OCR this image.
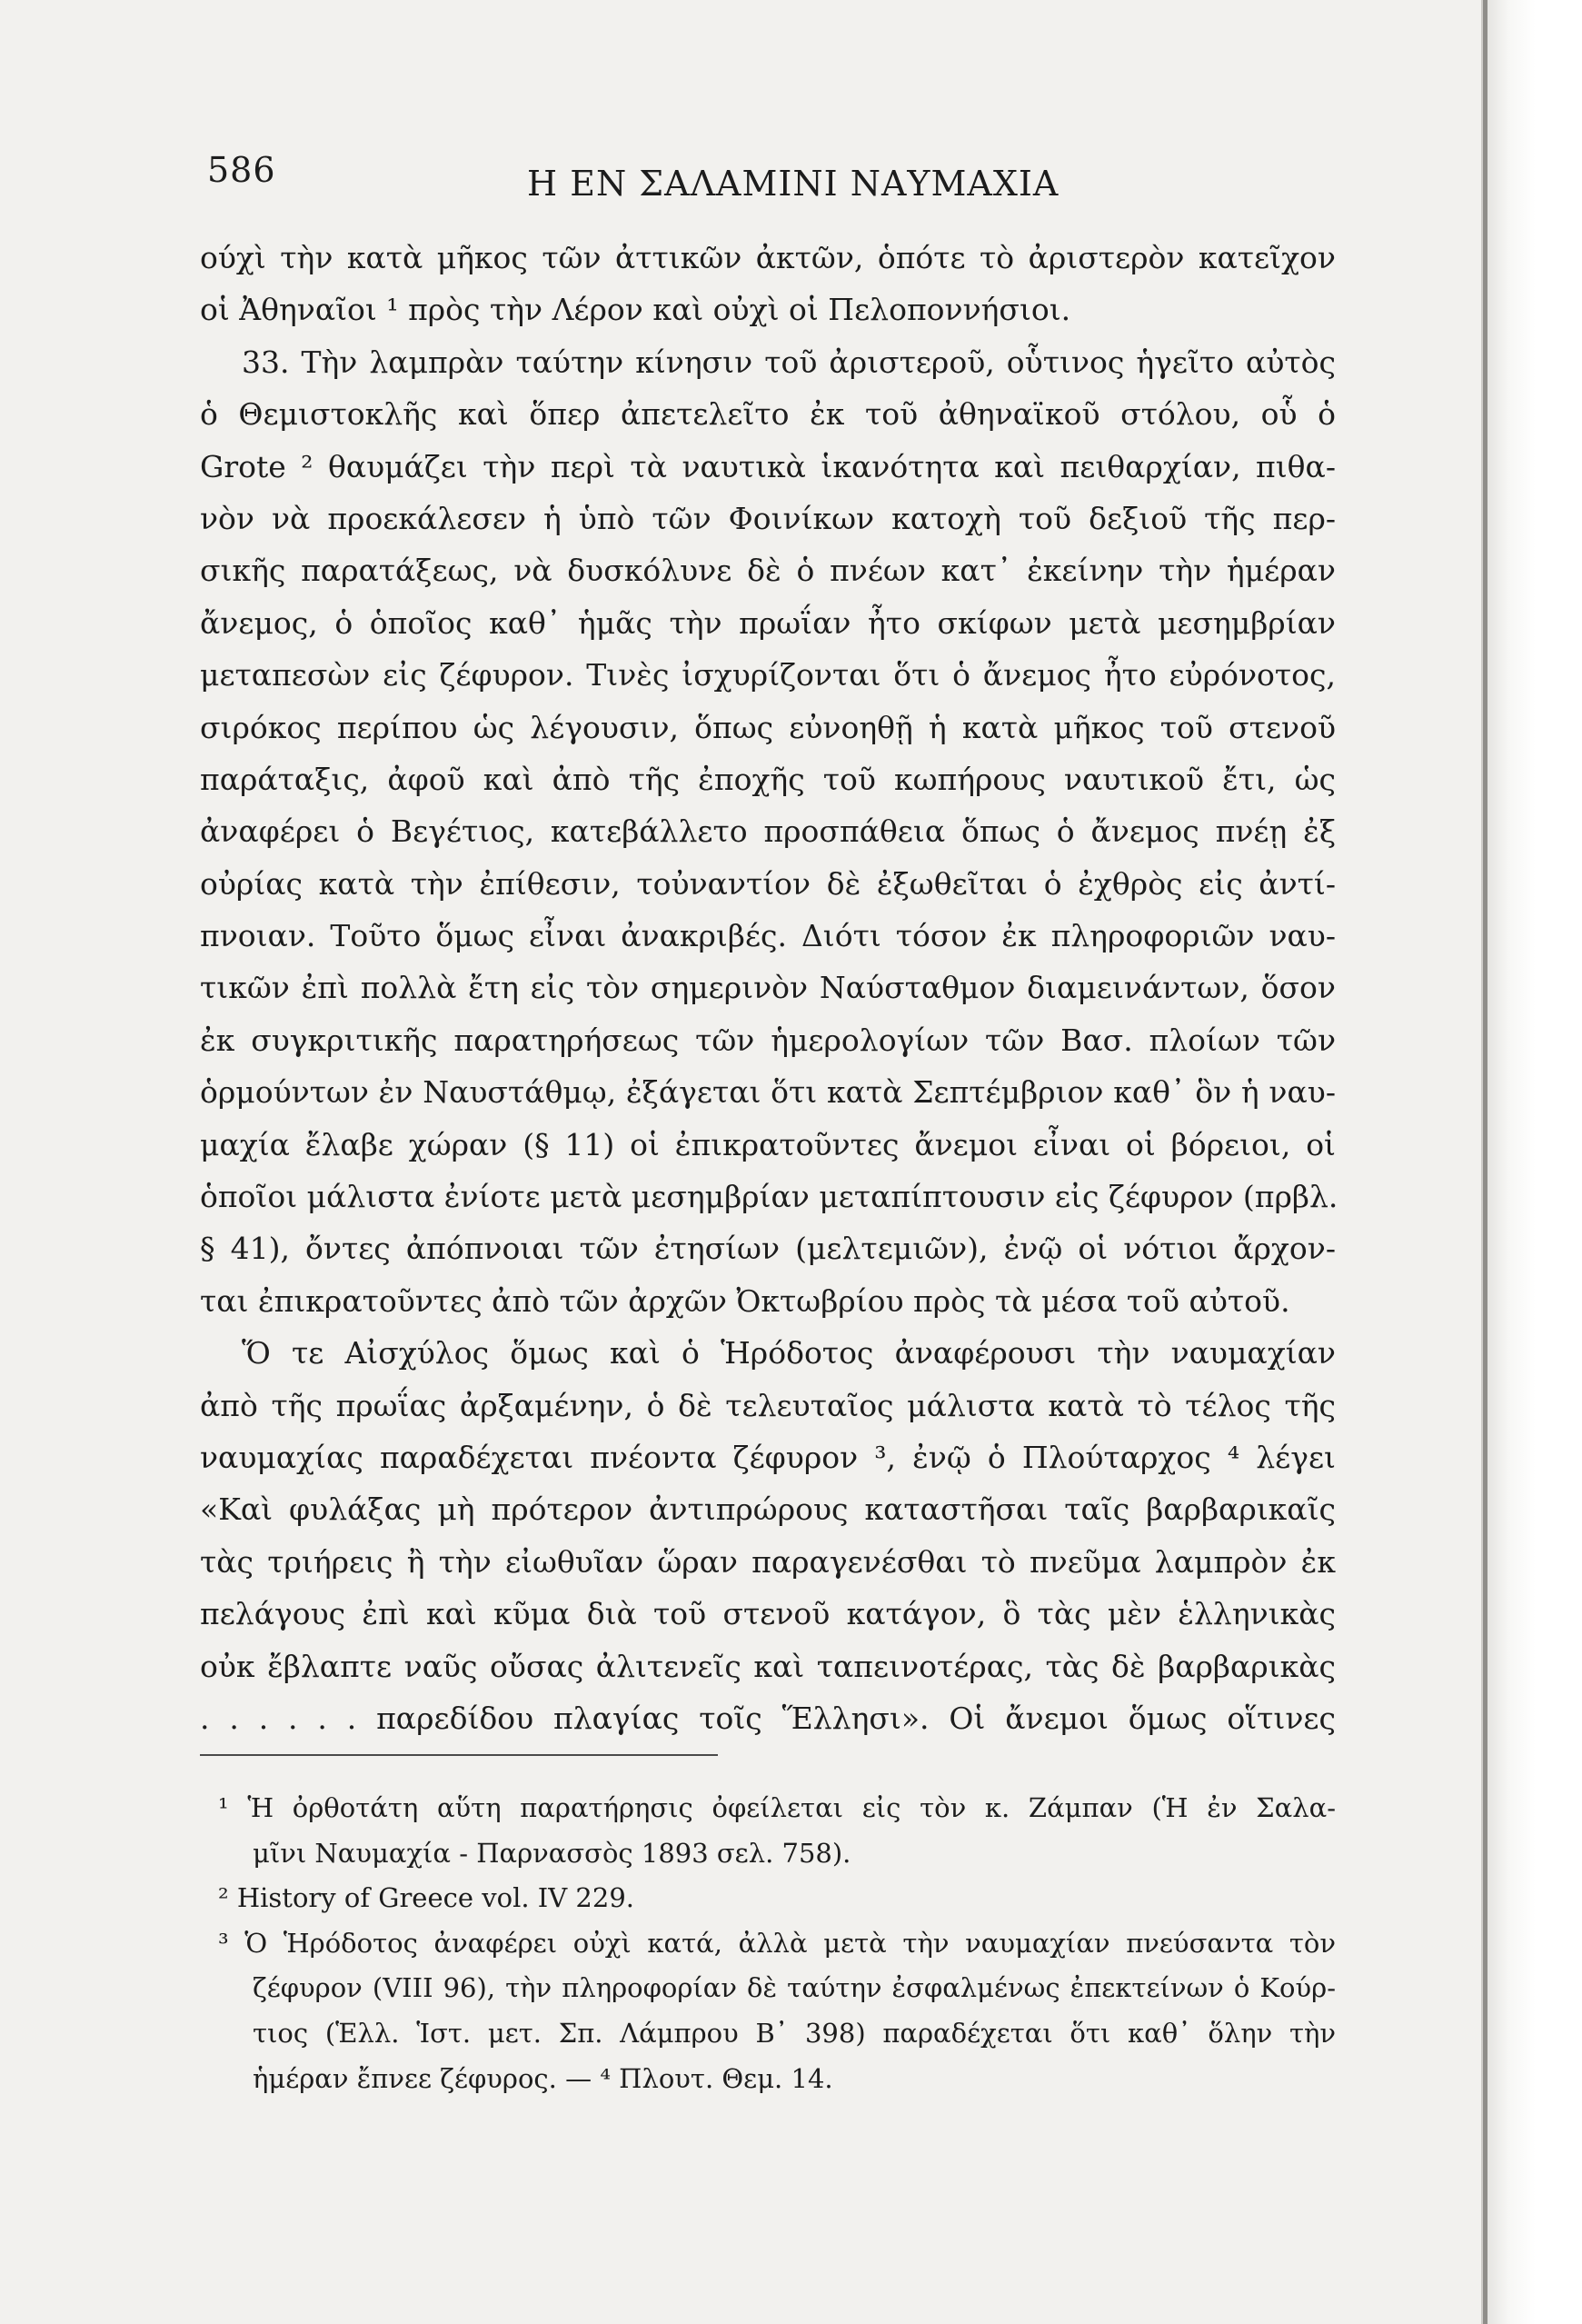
586	Η ΕΝ ΣΑΛΑΜΙΝΙ ΝΑΥΜΑΧΙΑ
ούχὶ τὴν κατὰ μῆκος τῶν ἀττικῶν ἀκτῶν, ὁπότε τὸ ἀριστερὸν κατεῖχον
οἱ Ἀθηναῖοι ¹ πρὸς τὴν Λέρον καὶ οὐχὶ οἱ Πελοποννήσιοι.
33. Τὴν λαμπρὰν ταύτην κίνησιν τοῦ ἀριστεροῦ, οὗτινος ἡγεῖτο αὐτὸς
ὁ Θεμιστοκλῆς καὶ ὅπερ ἀπετελεῖτο ἐκ τοῦ ἀθηναϊκοῦ στόλου, οὗ ὁ
Grote ² θαυμάζει τὴν περὶ τὰ ναυτικὰ ἱκανότητα καὶ πειθαρχίαν, πιθα-
νὸν νὰ προεκάλεσεν ἡ ὑπὸ τῶν Φοινίκων κατοχὴ τοῦ δεξιοῦ τῆς περ-
σικῆς παρατάξεως, νὰ δυσκόλυνε δὲ ὁ πνέων κατ᾽ ἐκείνην τὴν ἡμέραν
ἄνεμος, ὁ ὁποῖος καθ᾽ ἡμᾶς τὴν πρωΐαν ἦτο σκίφων μετὰ μεσημβρίαν
μεταπεσὼν εἰς ζέφυρον. Τινὲς ἰσχυρίζονται ὅτι ὁ ἄνεμος ἦτο εὐρόνοτος,
σιρόκος περίπου ὡς λέγουσιν, ὅπως εὐνοηθῇ ἡ κατὰ μῆκος τοῦ στενοῦ
παράταξις, ἀφοῦ καὶ ἀπὸ τῆς ἐποχῆς τοῦ κωπήρους ναυτικοῦ ἔτι, ὡς
ἀναφέρει ὁ Βεγέτιος, κατεβάλλετο προσπάθεια ὅπως ὁ ἄνεμος πνέῃ ἐξ
οὐρίας κατὰ τὴν ἐπίθεσιν, τοὐναντίον δὲ ἐξωθεῖται ὁ ἐχθρὸς εἰς ἀντί-
πνοιαν. Τοῦτο ὅμως εἶναι ἀνακριβές. Διότι τόσον ἐκ πληροφοριῶν ναυ-
τικῶν ἐπὶ πολλὰ ἔτη εἰς τὸν σημερινὸν Ναύσταθμον διαμεινάντων, ὅσον
ἐκ συγκριτικῆς παρατηρήσεως τῶν ἡμερολογίων τῶν Βασ. πλοίων τῶν
ὁρμούντων ἐν Ναυστάθμῳ, ἐξάγεται ὅτι κατὰ Σεπτέμβριον καθ᾽ ὃν ἡ ναυ-
μαχία ἔλαβε χώραν (§ 11) οἱ ἐπικρατοῦντες ἄνεμοι εἶναι οἱ βόρειοι, οἱ
ὁποῖοι μάλιστα ἐνίοτε μετὰ μεσημβρίαν μεταπίπτουσιν εἰς ζέφυρον (πρβλ.
§ 41), ὄντες ἀπόπνοιαι τῶν ἐτησίων (μελτεμιῶν), ἐνῷ οἱ νότιοι ἄρχον-
ται ἐπικρατοῦντες ἀπὸ τῶν ἀρχῶν Ὀκτωβρίου πρὸς τὰ μέσα τοῦ αὐτοῦ.
Ὅ τε Αἰσχύλος ὅμως καὶ ὁ Ἡρόδοτος ἀναφέρουσι τὴν ναυμαχίαν
ἀπὸ τῆς πρωΐας ἀρξαμένην, ὁ δὲ τελευταῖος μάλιστα κατὰ τὸ τέλος τῆς
ναυμαχίας παραδέχεται πνέοντα ζέφυρον ³, ἐνῷ ὁ Πλούταρχος ⁴ λέγει
«Καὶ φυλάξας μὴ πρότερον ἀντιπρώρους καταστῆσαι ταῖς βαρβαρικαῖς
τὰς τριήρεις ἢ τὴν εἰωθυῖαν ὥραν παραγενέσθαι τὸ πνεῦμα λαμπρὸν ἐκ
πελάγους ἐπὶ καὶ κῦμα διὰ τοῦ στενοῦ κατάγον, ὃ τὰς μὲν ἑλληνικὰς
οὐκ ἔβλαπτε ναῦς οὔσας ἀλιτενεῖς καὶ ταπεινοτέρας, τὰς δὲ βαρβαρικὰς
. . . . . . παρεδίδου πλαγίας τοῖς Ἕλλησι». Οἱ ἄνεμοι ὅμως οἵτινες
¹ Ἡ ὀρθοτάτη αὕτη παρατήρησις ὀφείλεται εἰς τὸν κ. Ζάμπαν (Ἡ ἐν Σαλα-
μῖνι Ναυμαχία - Παρνασσὸς 1893 σελ. 758).
² History of Greece vol. IV 229.
³ Ὁ Ἡρόδοτος ἀναφέρει οὐχὶ κατά, ἀλλὰ μετὰ τὴν ναυμαχίαν πνεύσαντα τὸν
ζέφυρον (VIII 96), τὴν πληροφορίαν δὲ ταύτην ἐσφαλμένως ἐπεκτείνων ὁ Κούρ-
τιος (Ἑλλ. Ἱστ. μετ. Σπ. Λάμπρου Β᾽ 398) παραδέχεται ὅτι καθ᾽ ὅλην τὴν
ἡμέραν ἔπνεε ζέφυρος. — ⁴ Πλουτ. Θεμ. 14.
